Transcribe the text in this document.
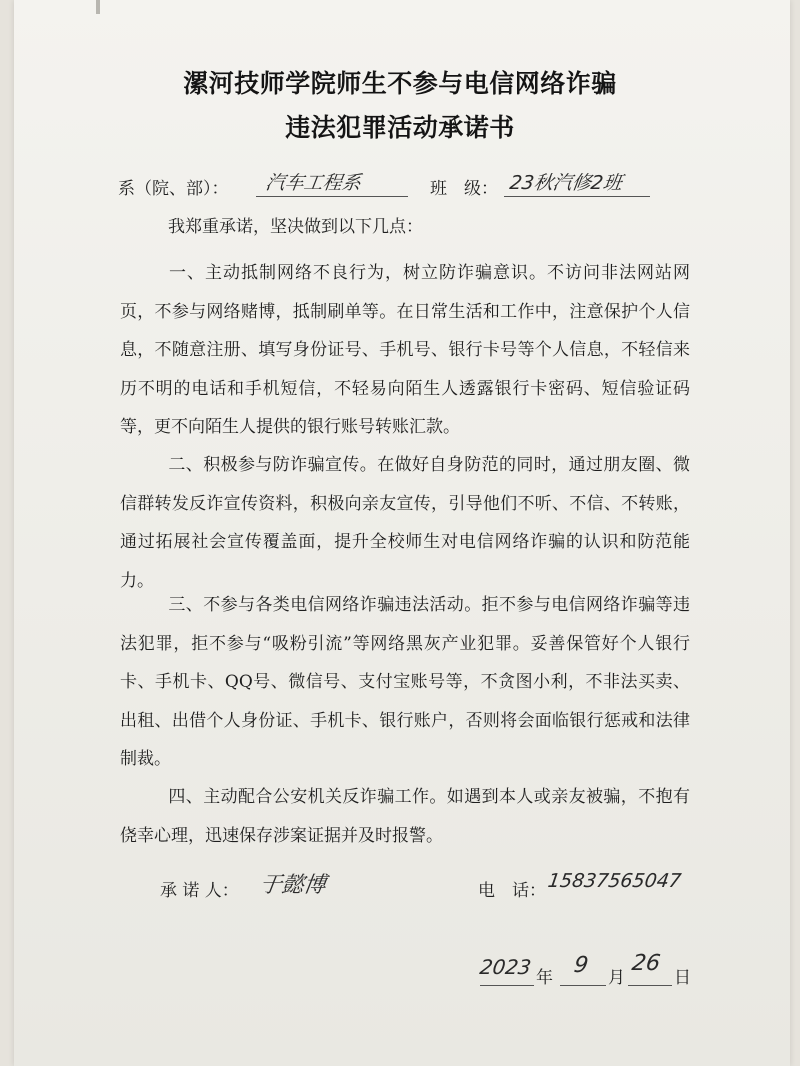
漯河技师学院师生不参与电信网络诈骗
违法犯罪活动承诺书
系（院、部）： 汽车工程系	班　级： 23秋汽修2班
我郑重承诺，坚决做到以下几点：
一、主动抵制网络不良行为，树立防诈骗意识。不访问非法网站网页，不参与网络赌博，抵制刷单等。在日常生活和工作中，注意保护个人信息，不随意注册、填写身份证号、手机号、银行卡号等个人信息，不轻信来历不明的电话和手机短信，不轻易向陌生人透露银行卡密码、短信验证码等，更不向陌生人提供的银行账号转账汇款。
二、积极参与防诈骗宣传。在做好自身防范的同时，通过朋友圈、微信群转发反诈宣传资料，积极向亲友宣传，引导他们不听、不信、不转账，通过拓展社会宣传覆盖面，提升全校师生对电信网络诈骗的认识和防范能力。
三、不参与各类电信网络诈骗违法活动。拒不参与电信网络诈骗等违法犯罪，拒不参与“吸粉引流”等网络黑灰产业犯罪。妥善保管好个人银行卡、手机卡、QQ号、微信号、支付宝账号等，不贪图小利，不非法买卖、出租、出借个人身份证、手机卡、银行账户，否则将会面临银行惩戒和法律制裁。
四、主动配合公安机关反诈骗工作。如遇到本人或亲友被骗，不抱有侥幸心理，迅速保存涉案证据并及时报警。
承 诺 人： 于懿博	电　话： 15837565047
2023 年 9 月
26
日
